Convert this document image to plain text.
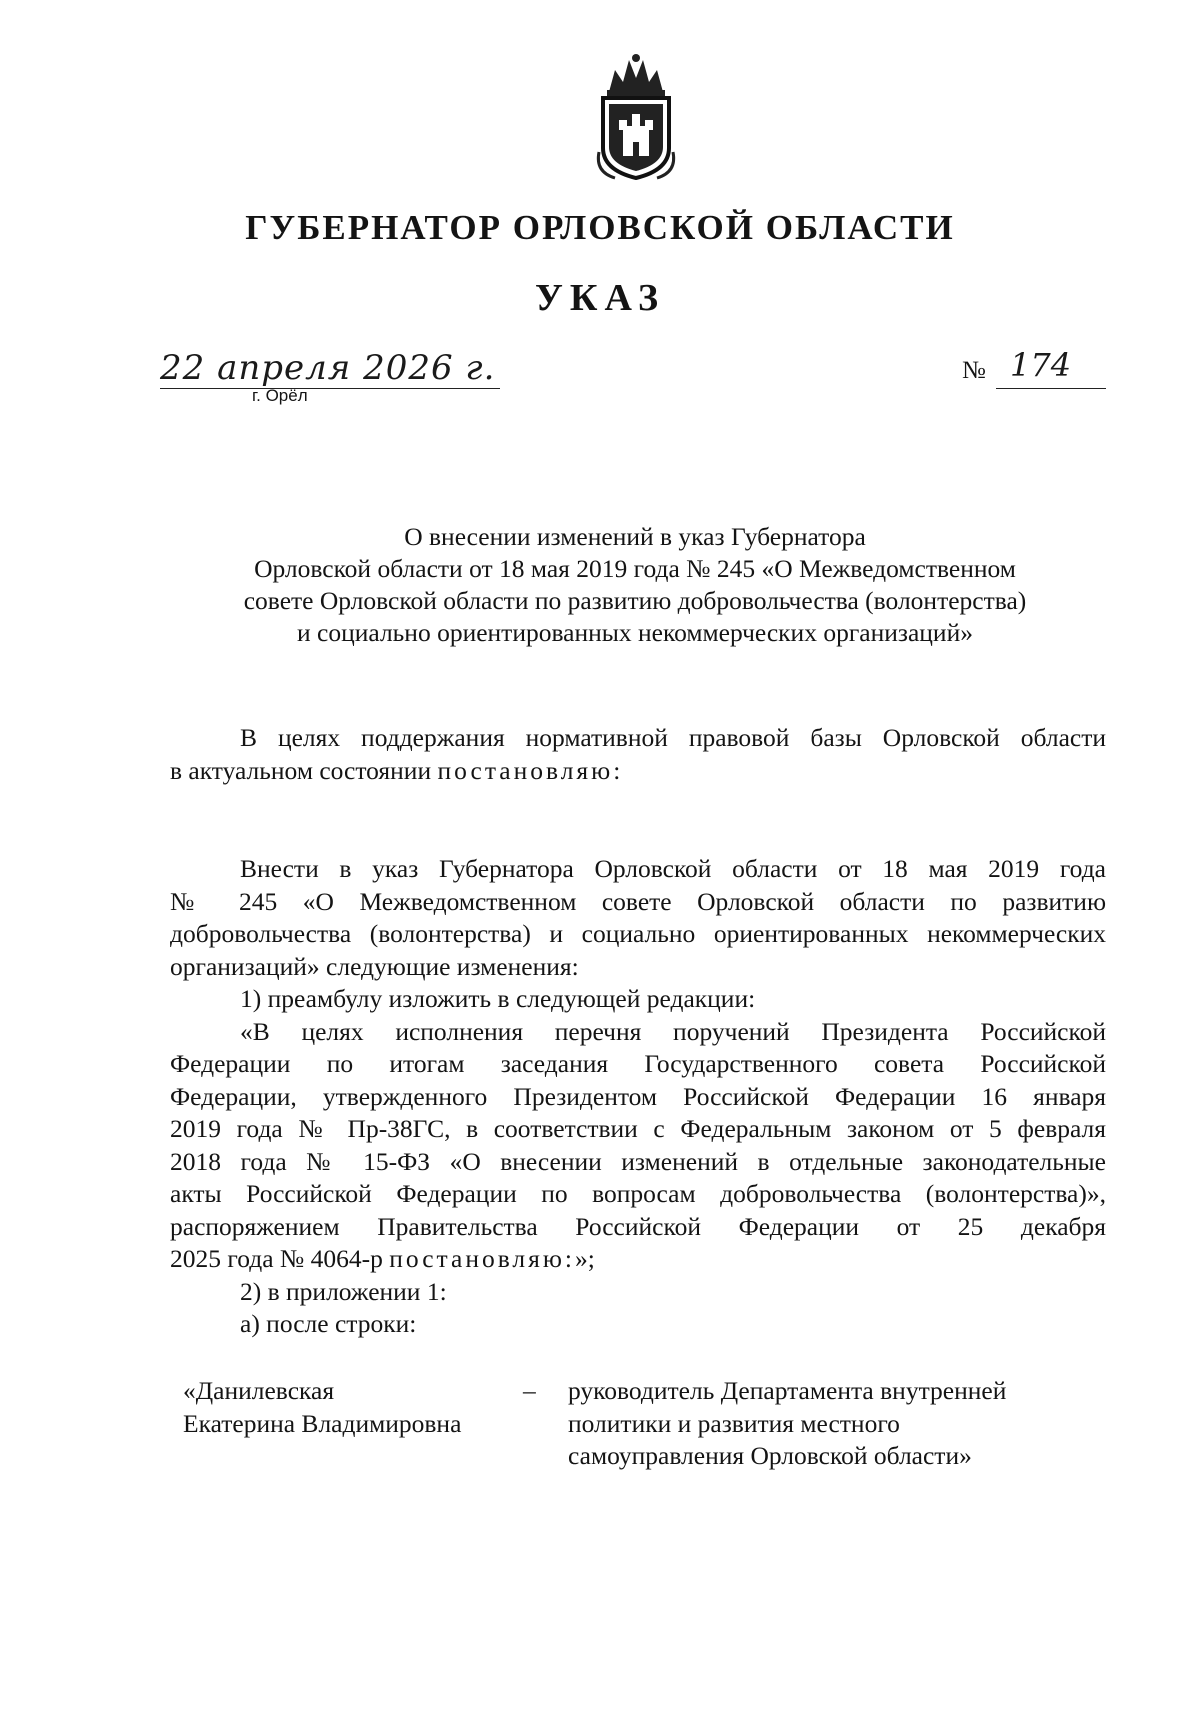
ГУБЕРНАТОР ОРЛОВСКОЙ ОБЛАСТИ
УКАЗ
22 апреля 2026 г.
г. Орёл
№ 174
О внесении изменений в указ Губернатора
Орловской области от 18 мая 2019 года № 245 «О Межведомственном
совете Орловской области по развитию добровольчества (волонтерства)
и социально ориентированных некоммерческих организаций»
В целях поддержания нормативной правовой базы Орловской области
в актуальном состоянии постановляю:
Внести в указ Губернатора Орловской области от 18 мая 2019 года
№ 245 «О Межведомственном совете Орловской области по развитию
добровольчества (волонтерства) и социально ориентированных некоммерческих
организаций» следующие изменения:
1) преамбулу изложить в следующей редакции:
«В целях исполнения перечня поручений Президента Российской
Федерации по итогам заседания Государственного совета Российской
Федерации, утвержденного Президентом Российской Федерации 16 января
2019 года № Пр-38ГС, в соответствии с Федеральным законом от 5 февраля
2018 года № 15-ФЗ «О внесении изменений в отдельные законодательные
акты Российской Федерации по вопросам добровольчества (волонтерства)»,
распоряжением Правительства Российской Федерации от 25 декабря
2025 года № 4064-р постановляю:»;
2) в приложении 1:
а) после строки:
«Данилевская
Екатерина Владимировна
–	руководитель Департамента внутренней
политики и развития местного
самоуправления Орловской области»
